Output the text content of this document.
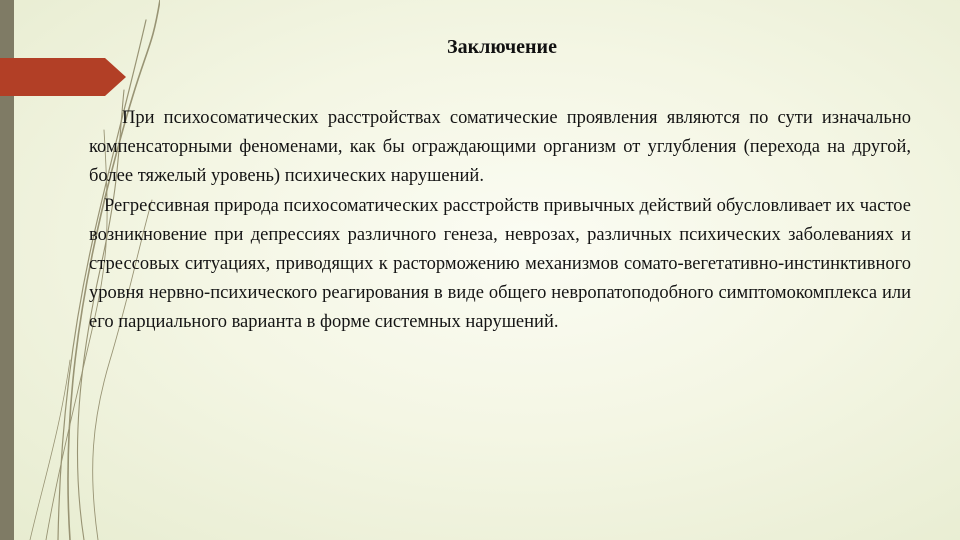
Заключение

При психосоматических расстройствах соматические проявления являются по сути изначально компенсаторными феноменами, как бы ограждающими организм от углубления (перехода на другой, более тяжелый уровень) психических нарушений.

Регрессивная природа психосоматических расстройств привычных действий обусловливает их частое возникновение при депрессиях различного генеза, неврозах, различных психических заболеваниях и стрессовых ситуациях, приводящих к расторможению механизмов сомато-вегетативно-инстинктивного уровня нервно-психического реагирования в виде общего невропатоподобного симптомокомплекса или его парциального варианта в форме системных нарушений.
